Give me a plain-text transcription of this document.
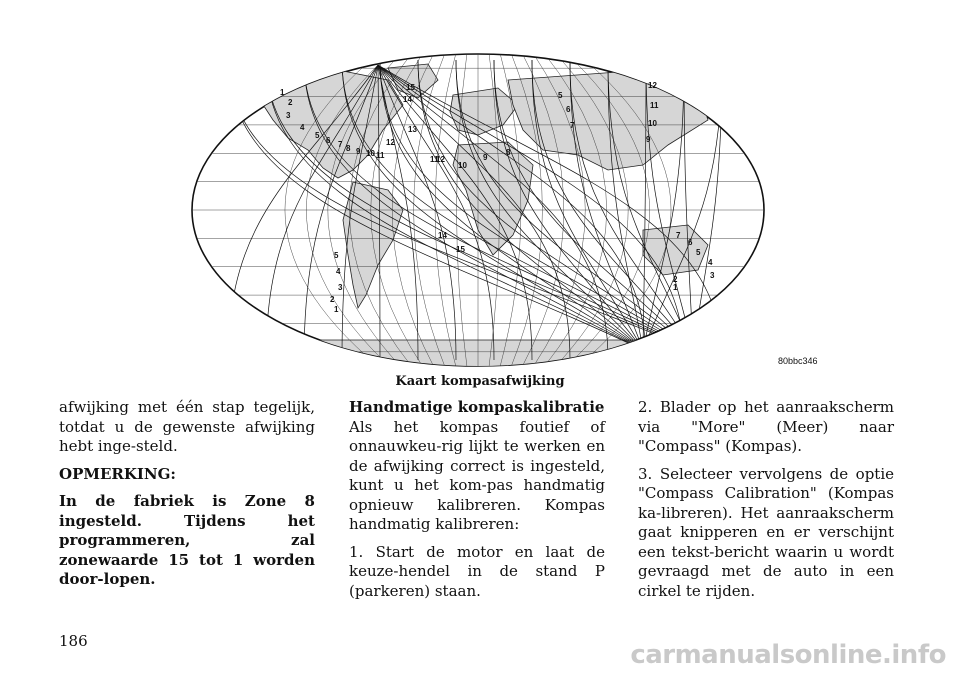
1
2
3
4
5
6 7 8 9 10 11
12
13
14
15
1
2
3
4
5
14
15
12
11
10
9
8
5
6
7
12
11
10
9
1
2	3
4
5
6
7
80bbc346
Kaart kompasafwijking

afwijking met één stap tegelijk, totdat u de gewenste afwijking hebt inge-steld.

OPMERKING:

In de fabriek is Zone 8 ingesteld. Tijdens het programmeren, zal zonewaarde 15 tot 1 worden door-lopen.

Handmatige kompaskalibratie

Als het kompas foutief of onnauwkeu-rig lijkt te werken en de afwijking correct is ingesteld, kunt u het kom-pas handmatig opnieuw kalibreren. Kompas handmatig kalibreren:

1. Start de motor en laat de keuze-hendel in de stand P (parkeren) staan.

2. Blader op het aanraakscherm via "More" (Meer) naar "Compass" (Kompas).

3. Selecteer vervolgens de optie "Compass Calibration" (Kompas ka-libreren). Het aanraakscherm gaat knipperen en er verschijnt een tekst-bericht waarin u wordt gevraagd met de auto in een cirkel te rijden.

186	carmanualsonline.info
